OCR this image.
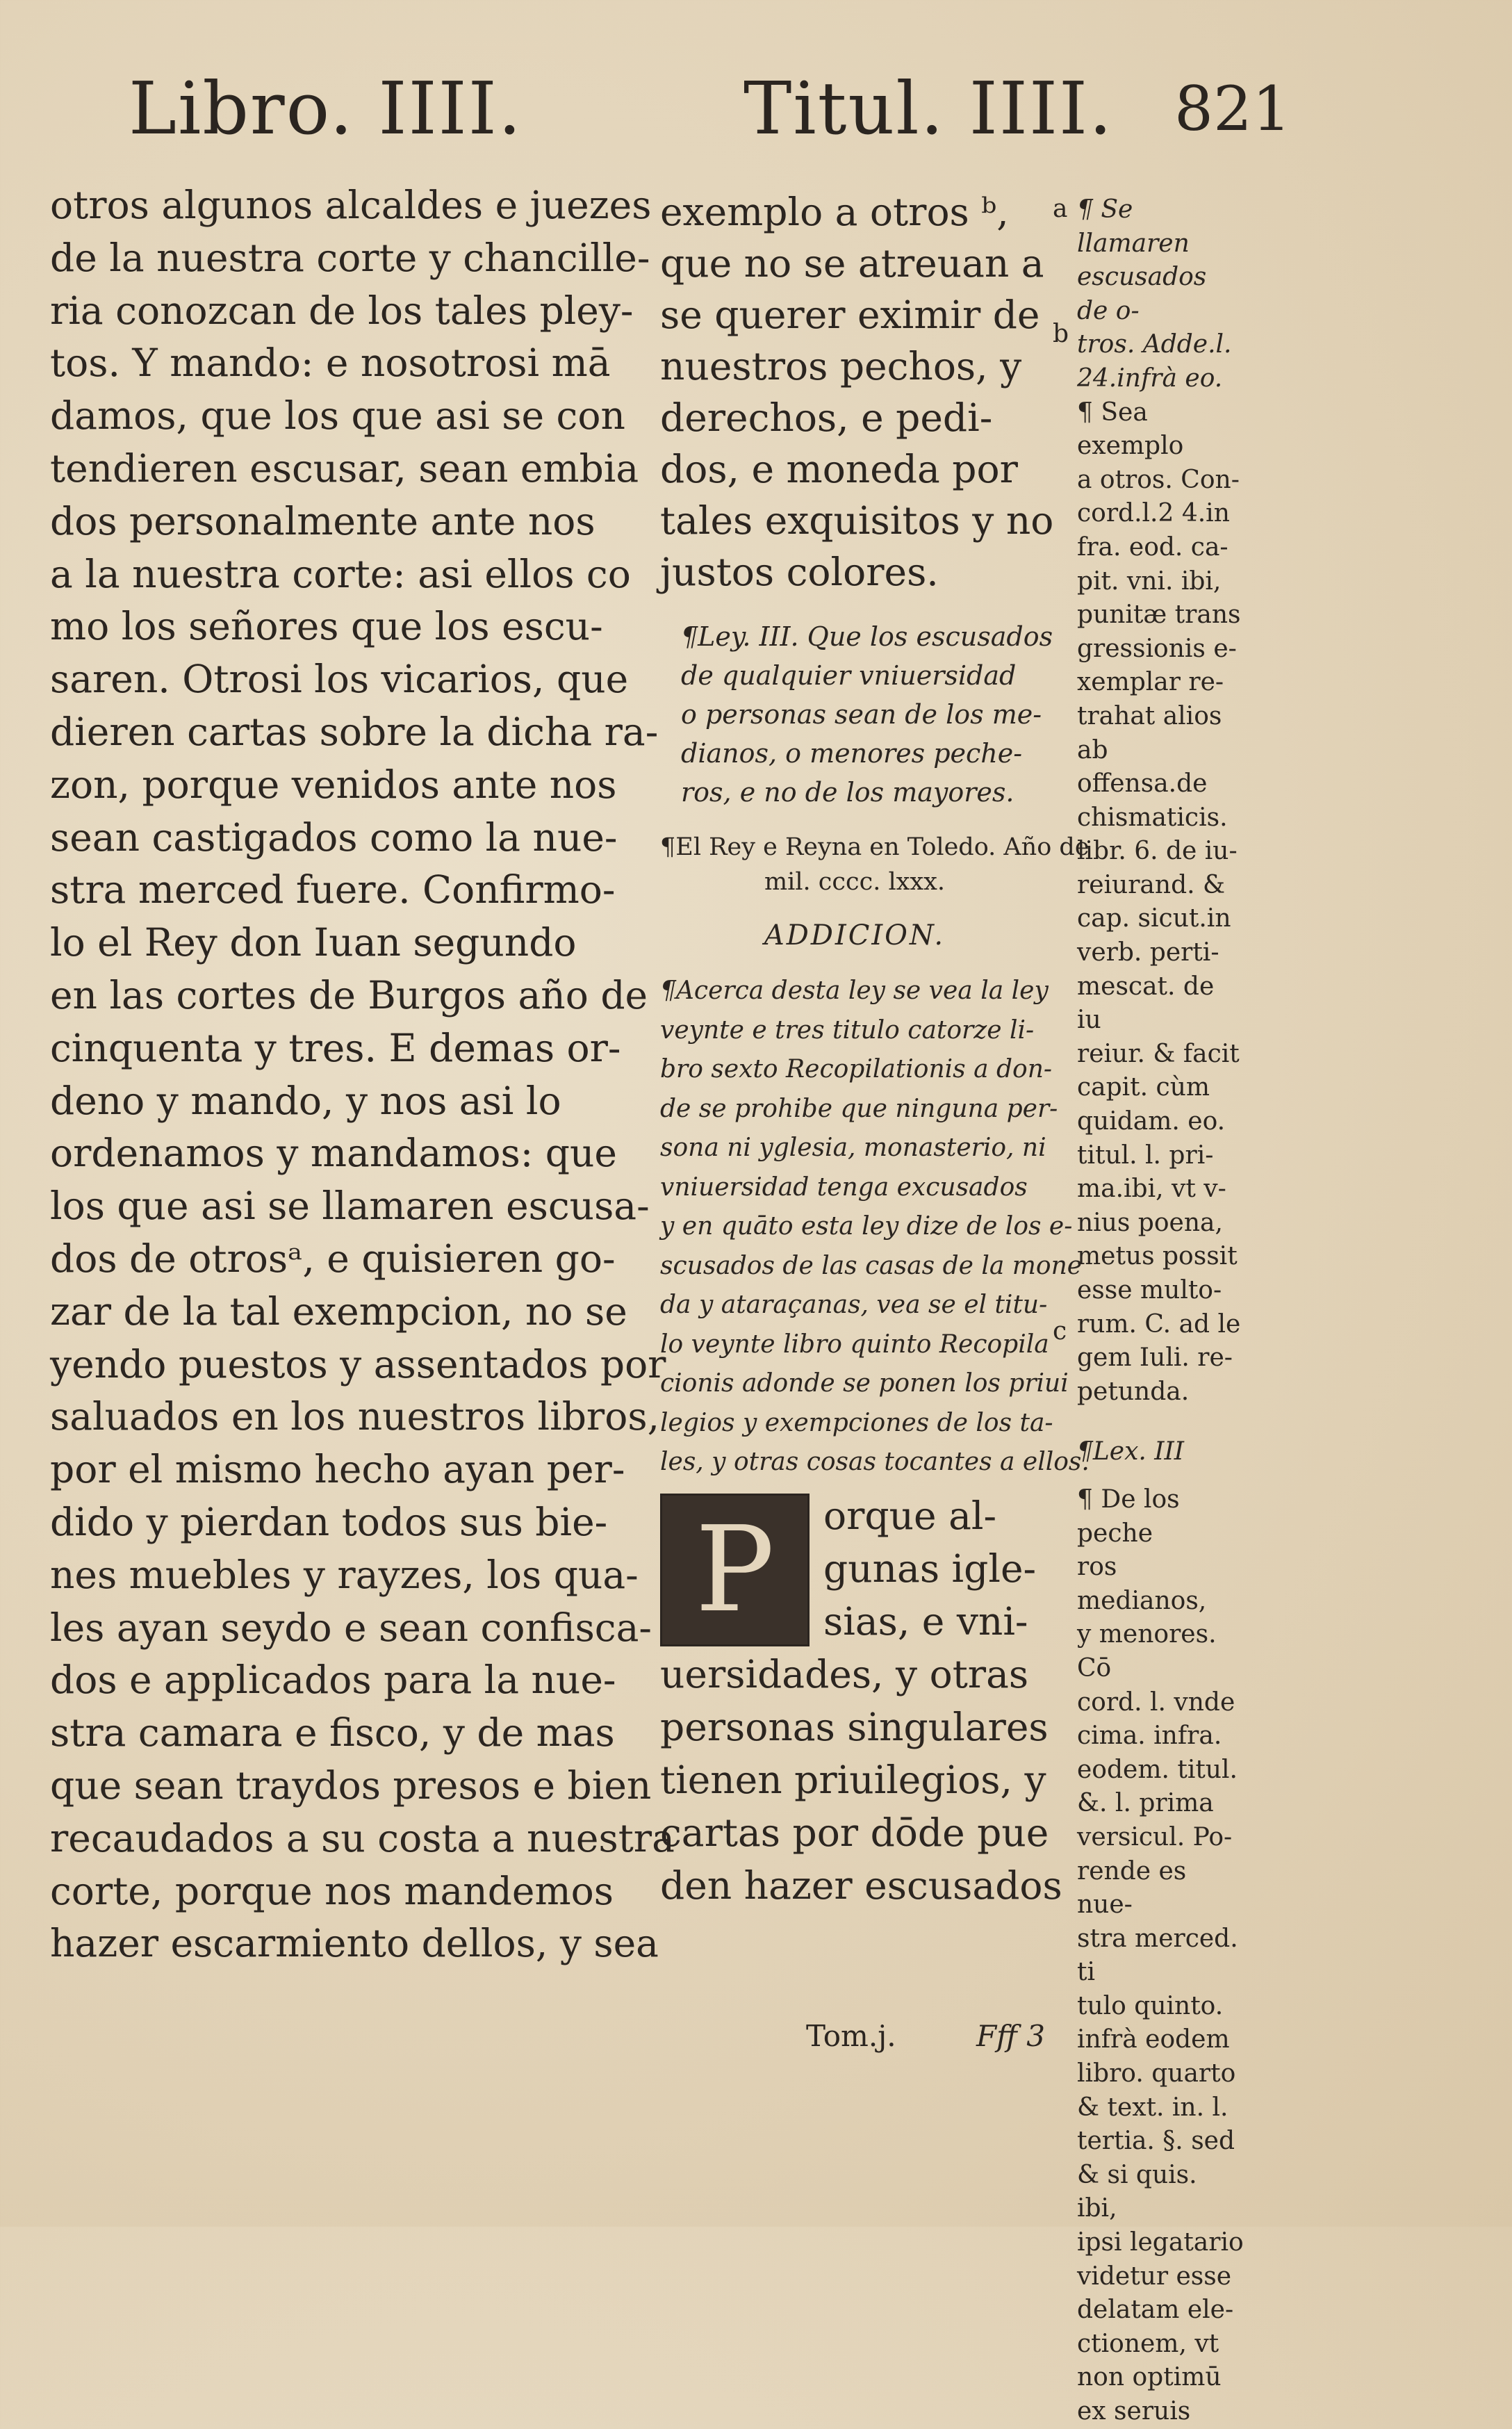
Libro. IIII.	Titul. IIII. 821
otros algunos alcaldes e juezes
de la nuestra corte y chancille-
ria conozcan de los tales pley-
tos. Y mando: e nosotrosi mā
damos, que los que asi se con
tendieren escusar, sean embia
dos personalmente ante nos
a la nuestra corte: asi ellos co
mo los señores que los escu-
saren. Otrosi los vicarios, que
dieren cartas sobre la dicha ra-
zon, porque venidos ante nos
sean castigados como la nue-
stra merced fuere. Confirmo-
lo el Rey don Iuan segundo
en las cortes de Burgos año de
cinquenta y tres. E demas or-
deno y mando, y nos asi lo
ordenamos y mandamos: que
los que asi se llamaren escusa-
dos de otrosᵃ, e quisieren go-
zar de la tal exempcion, no se
yendo puestos y assentados por
saluados en los nuestros libros,
por el mismo hecho ayan per-
dido y pierdan todos sus bie-
nes muebles y rayzes, los qua-
les ayan seydo e sean confisca-
dos e applicados para la nue-
stra camara e fisco, y de mas
que sean traydos presos e bien
recaudados a su costa a nuestra
corte, porque nos mandemos
hazer escarmiento dellos, y sea
exemplo a otros ᵇ,
que no se atreuan a
se querer eximir de
nuestros pechos, y
derechos, e pedi-
dos, e moneda por
tales exquisitos y no
justos colores.
¶Ley. III. Que los escusados
de qualquier vniuersidad
o personas sean de los me-
dianos, o menores peche-
ros, e no de los mayores.
¶El Rey e Reyna en Toledo. Año de
mil. cccc. lxxx.
ADDICION.
¶Acerca desta ley se vea la ley
veynte e tres titulo catorze li-
bro sexto Recopilationis a don-
de se prohibe que ninguna per-
sona ni yglesia, monasterio, ni
vniuersidad tenga excusados
y en quāto esta ley dize de los e-
scusados de las casas de la mone
da y ataraçanas, vea se el titu-
lo veynte libro quinto Recopila
cionis adonde se ponen los priui
legios y exempciones de los ta-
les, y otras cosas tocantes a ellos.
P	orque al-
gunas igle-
sias, e vni-
uersidades, y otras
personas singulares
tienen priuilegios, y
cartas por dōde pue
den hazer escusados
a
b
c
¶ Se llamaren
escusados de o-
tros. Adde.l.
24.infrà eo.
¶ Sea exemplo
a otros. Con-
cord.l.2 4.in
fra. eod. ca-
pit. vni. ibi,
punitæ trans
gressionis e-
xemplar re-
trahat alios
ab offensa.de
chismaticis.
libr. 6. de iu-
reiurand. &
cap. sicut.in
verb. perti-
mescat. de iu
reiur. & facit
capit. cùm
quidam. eo.
titul. l. pri-
ma.ibi, vt v-
nius poena,
metus possit
esse multo-
rum. C. ad le
gem Iuli. re-
petunda.
¶Lex. III
¶ De los peche
ros medianos,
y menores. Cō
cord. l. vnde
cima. infra.
eodem. titul.
&. l. prima
versicul. Po-
rende es nue-
stra merced. ti
tulo quinto.
infrà eodem
libro. quarto
& text. in. l.
tertia. §. sed
& si quis. ibi,
ipsi legatario
videtur esse
delatam ele-
ctionem, vt
non optimū
ex seruis
Tom.j.	Fff 3
